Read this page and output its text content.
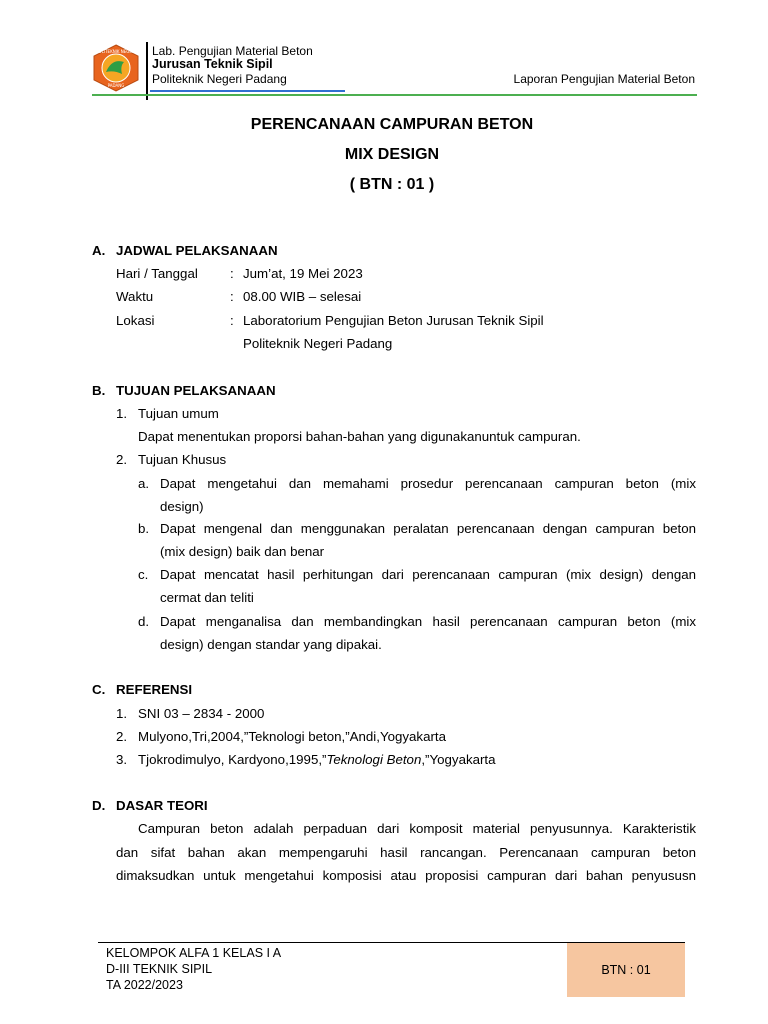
POLITEKNIK NEGERI
PADANG
Lab. Pengujian Material Beton
Jurusan Teknik Sipil
Politeknik Negeri Padang	Laporan Pengujian Material Beton
PERENCANAAN CAMPURAN BETON
MIX DESIGN
( BTN : 01 )
A. JADWAL PELAKSANAAN
Hari / Tanggal : Jum’at, 19 Mei 2023
Waktu	: 08.00 WIB – selesai
Lokasi	: Laboratorium Pengujian Beton Jurusan Teknik Sipil
Politeknik Negeri Padang
B. TUJUAN PELAKSANAAN
1. Tujuan umum
Dapat menentukan proporsi bahan-bahan yang digunakanuntuk campuran.
2. Tujuan Khusus
a. Dapat mengetahui dan memahami prosedur perencanaan campuran beton (mix
design)
b. Dapat mengenal dan menggunakan peralatan perencanaan dengan campuran beton
(mix design) baik dan benar
c. Dapat mencatat hasil perhitungan dari perencanaan campuran (mix design) dengan
cermat dan teliti
d. Dapat menganalisa dan membandingkan hasil perencanaan campuran beton (mix
design) dengan standar yang dipakai.
C. REFERENSI
1. SNI 03 – 2834 - 2000
2. Mulyono,Tri,2004,”Teknologi beton,”Andi,Yogyakarta
3. Tjokrodimulyo, Kardyono,1995,”Teknologi Beton,”Yogyakarta
D. DASAR TEORI
Campuran beton adalah perpaduan dari komposit material penyusunnya. Karakteristik
dan sifat bahan akan mempengaruhi hasil rancangan. Perencanaan campuran beton
dimaksudkan untuk mengetahui komposisi atau proposisi campuran dari bahan penyususn
KELOMPOK ALFA 1 KELAS I A
D-III TEKNIK SIPIL
TA 2022/2023
BTN : 01
